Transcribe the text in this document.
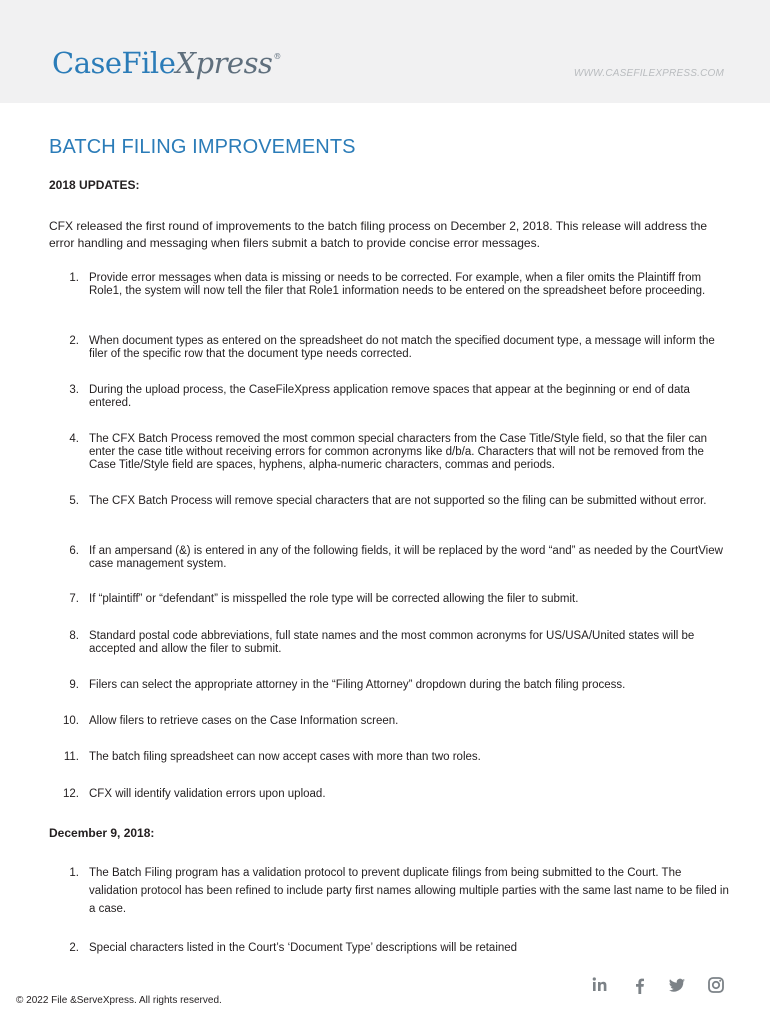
CaseFileXpress®
WWW.CASEFILEXPRESS.COM
BATCH FILING IMPROVEMENTS
2018 UPDATES:

CFX released the first round of improvements to the batch filing process on December 2, 2018. This release will address the error handling and messaging when filers submit a batch to provide concise error messages.

1. Provide error messages when data is missing or needs to be corrected. For example, when a filer omits the Plaintiff from Role1, the system will now tell the filer that Role1 information needs to be entered on the spreadsheet before proceeding.
2. When document types as entered on the spreadsheet do not match the specified document type, a message will inform the filer of the specific row that the document type needs corrected.
3. During the upload process, the CaseFileXpress application remove spaces that appear at the beginning or end of data entered.
4. The CFX Batch Process removed the most common special characters from the Case Title/Style field, so that the filer can enter the case title without receiving errors for common acronyms like d/b/a. Characters that will not be removed from the Case Title/Style field are spaces, hyphens, alpha-numeric characters, commas and periods.
5. The CFX Batch Process will remove special characters that are not supported so the filing can be submitted without error.
6. If an ampersand (&) is entered in any of the following fields, it will be replaced by the word “and” as needed by the CourtView case management system.
7. If “plaintiff” or “defendant” is misspelled the role type will be corrected allowing the filer to submit.
8. Standard postal code abbreviations, full state names and the most common acronyms for US/USA/United states will be accepted and allow the filer to submit.
9. Filers can select the appropriate attorney in the “Filing Attorney” dropdown during the batch filing process.
10. Allow filers to retrieve cases on the Case Information screen.
11. The batch filing spreadsheet can now accept cases with more than two roles.
12. CFX will identify validation errors upon upload.
December 9, 2018:
1. The Batch Filing program has a validation protocol to prevent duplicate filings from being submitted to the Court. The validation protocol has been refined to include party first names allowing multiple parties with the same last name to be filed in a case.
2. Special characters listed in the Court’s ‘Document Type’ descriptions will be retained
© 2022 File &ServeXpress. All rights reserved.
